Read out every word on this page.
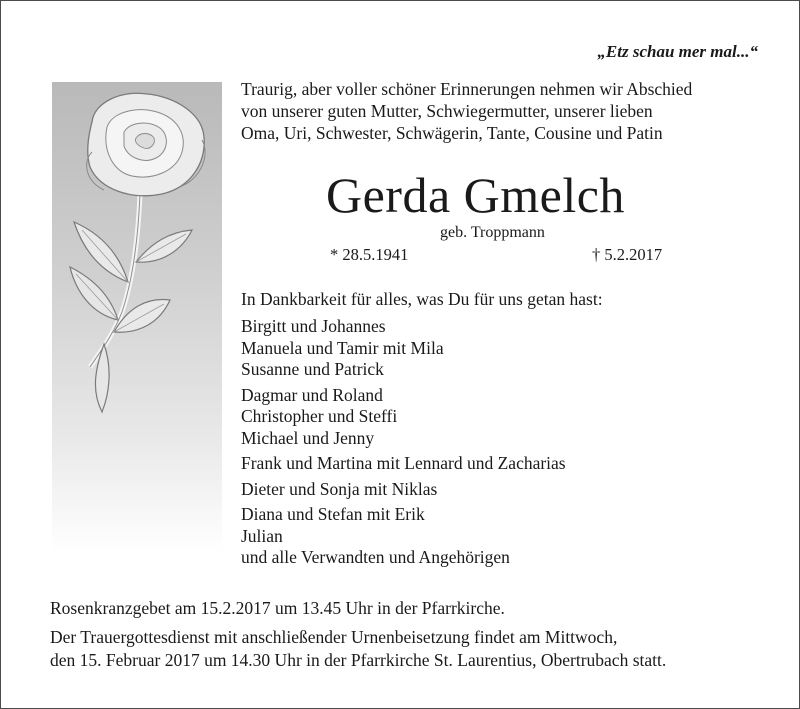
„Etz schau mer mal...“
Traurig, aber voller schöner Erinnerungen nehmen wir Abschied
von unserer guten Mutter, Schwiegermutter, unserer lieben
Oma, Uri, Schwester, Schwägerin, Tante, Cousine und Patin
Gerda Gmelch
geb. Troppmann
* 28.5.1941	† 5.2.2017
In Dankbarkeit für alles, was Du für uns getan hast:
Birgitt und Johannes
Manuela und Tamir mit Mila
Susanne und Patrick
Dagmar und Roland
Christopher und Steffi
Michael und Jenny
Frank und Martina mit Lennard und Zacharias
Dieter und Sonja mit Niklas
Diana und Stefan mit Erik
Julian
und alle Verwandten und Angehörigen
Rosenkranzgebet am 15.2.2017 um 13.45 Uhr in der Pfarrkirche.
Der Trauergottesdienst mit anschließender Urnenbeisetzung findet am Mittwoch,
den 15. Februar 2017 um 14.30 Uhr in der Pfarrkirche St. Laurentius, Obertrubach statt.
